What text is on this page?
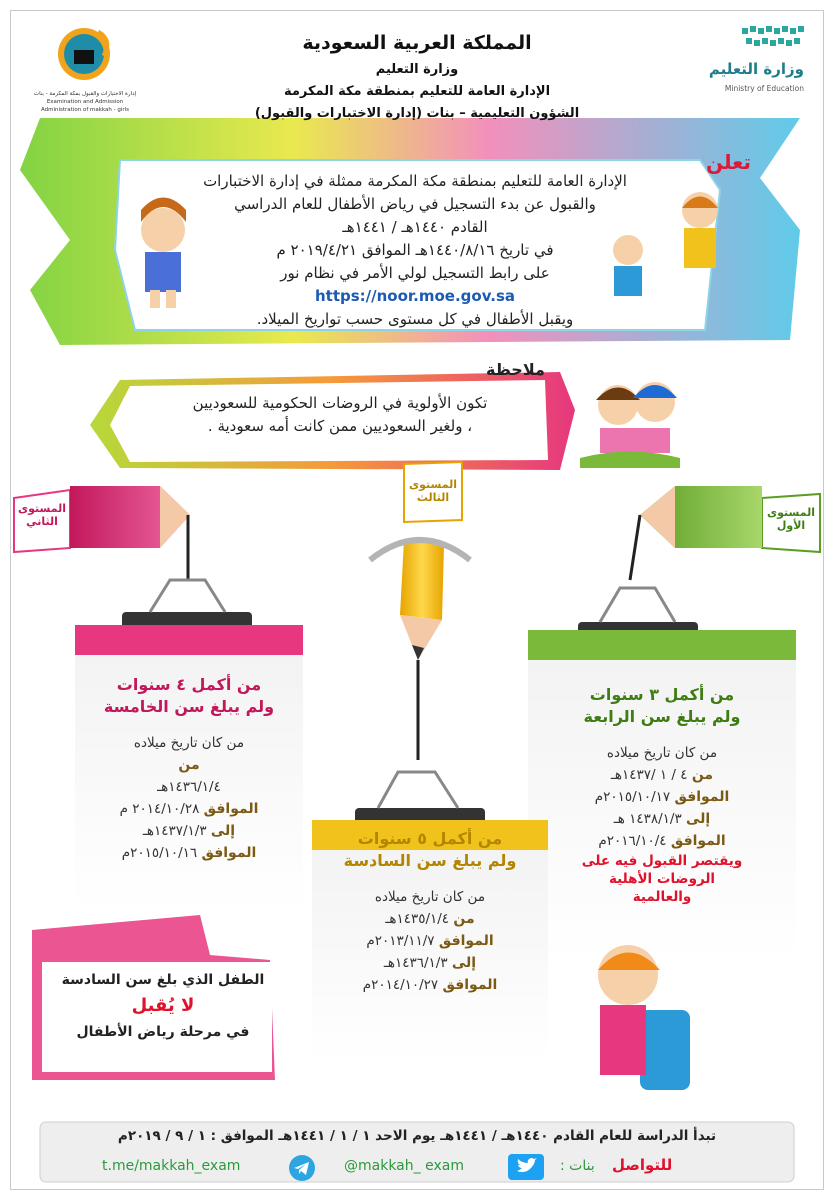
المملكة العربية السعودية
وزارة التعليم
الإدارة العامة للتعليم بمنطقة مكة المكرمة
الشؤون التعليمية – بنات (إدارة الاختبارات والقبول)
وزارة التعليم
Ministry of Education
إدارة الاختبارات والقبول بمكة المكرمة - بنات
Examination and Admission Administration of makkah - girls
تعلن
الإدارة العامة للتعليم بمنطقة مكة المكرمة ممثلة في إدارة الاختبارات
والقبول عن بدء التسجيل في رياض الأطفال للعام الدراسي
القادم ١٤٤٠هـ / ١٤٤١هـ
في تاريخ ١٤٤٠/٨/١٦هـ الموافق ٢٠١٩/٤/٢١ م
على رابط التسجيل لولي الأمر في نظام نور
https://noor.moe.gov.sa
ويقبل الأطفال في كل مستوى حسب تواريخ الميلاد.
ملاحظة
تكون الأولوية في الروضات الحكومية للسعوديين
، ولغير السعوديين ممن كانت أمه سعودية .
المستوى
الثاني
المستوى
الثالث
المستوى
الأول
من أكمل ٤ سنوات
ولم يبلغ سن الخامسة
من كان تاريخ ميلاده
من
١٤٣٦/١/٤هـ
الموافق ٢٠١٤/١٠/٢٨ م
إلى ١٤٣٧/١/٣هـ
الموافق ٢٠١٥/١٠/١٦م
من أكمل ٣ سنوات
ولم يبلغ سن الرابعة
من كان تاريخ ميلاده
من ٤ / ١ /١٤٣٧هـ
الموافق ٢٠١٥/١٠/١٧م
إلى ١٤٣٨/١/٣ هـ
الموافق ٢٠١٦/١٠/٤م
ويقتصر القبول فيه على
الروضات الأهلية
والعالمية
من أكمل ٥ سنوات
ولم يبلغ سن السادسة
من كان تاريخ ميلاده
من ١٤٣٥/١/٤هـ
الموافق ٢٠١٣/١١/٧م
إلى ١٤٣٦/١/٣هـ
الموافق ٢٠١٤/١٠/٢٧م
الطفل الذي بلغ سن السادسة
لا يُقبل
في مرحلة رياض الأطفال
تبدأ الدراسة للعام القادم ١٤٤٠هـ / ١٤٤١هـ يوم الاحد ١ / ١ / ١٤٤١هـ الموافق : ١ / ٩ / ٢٠١٩م
للتواصل
بنات :
@makkah_ exam
t.me/makkah_exam
